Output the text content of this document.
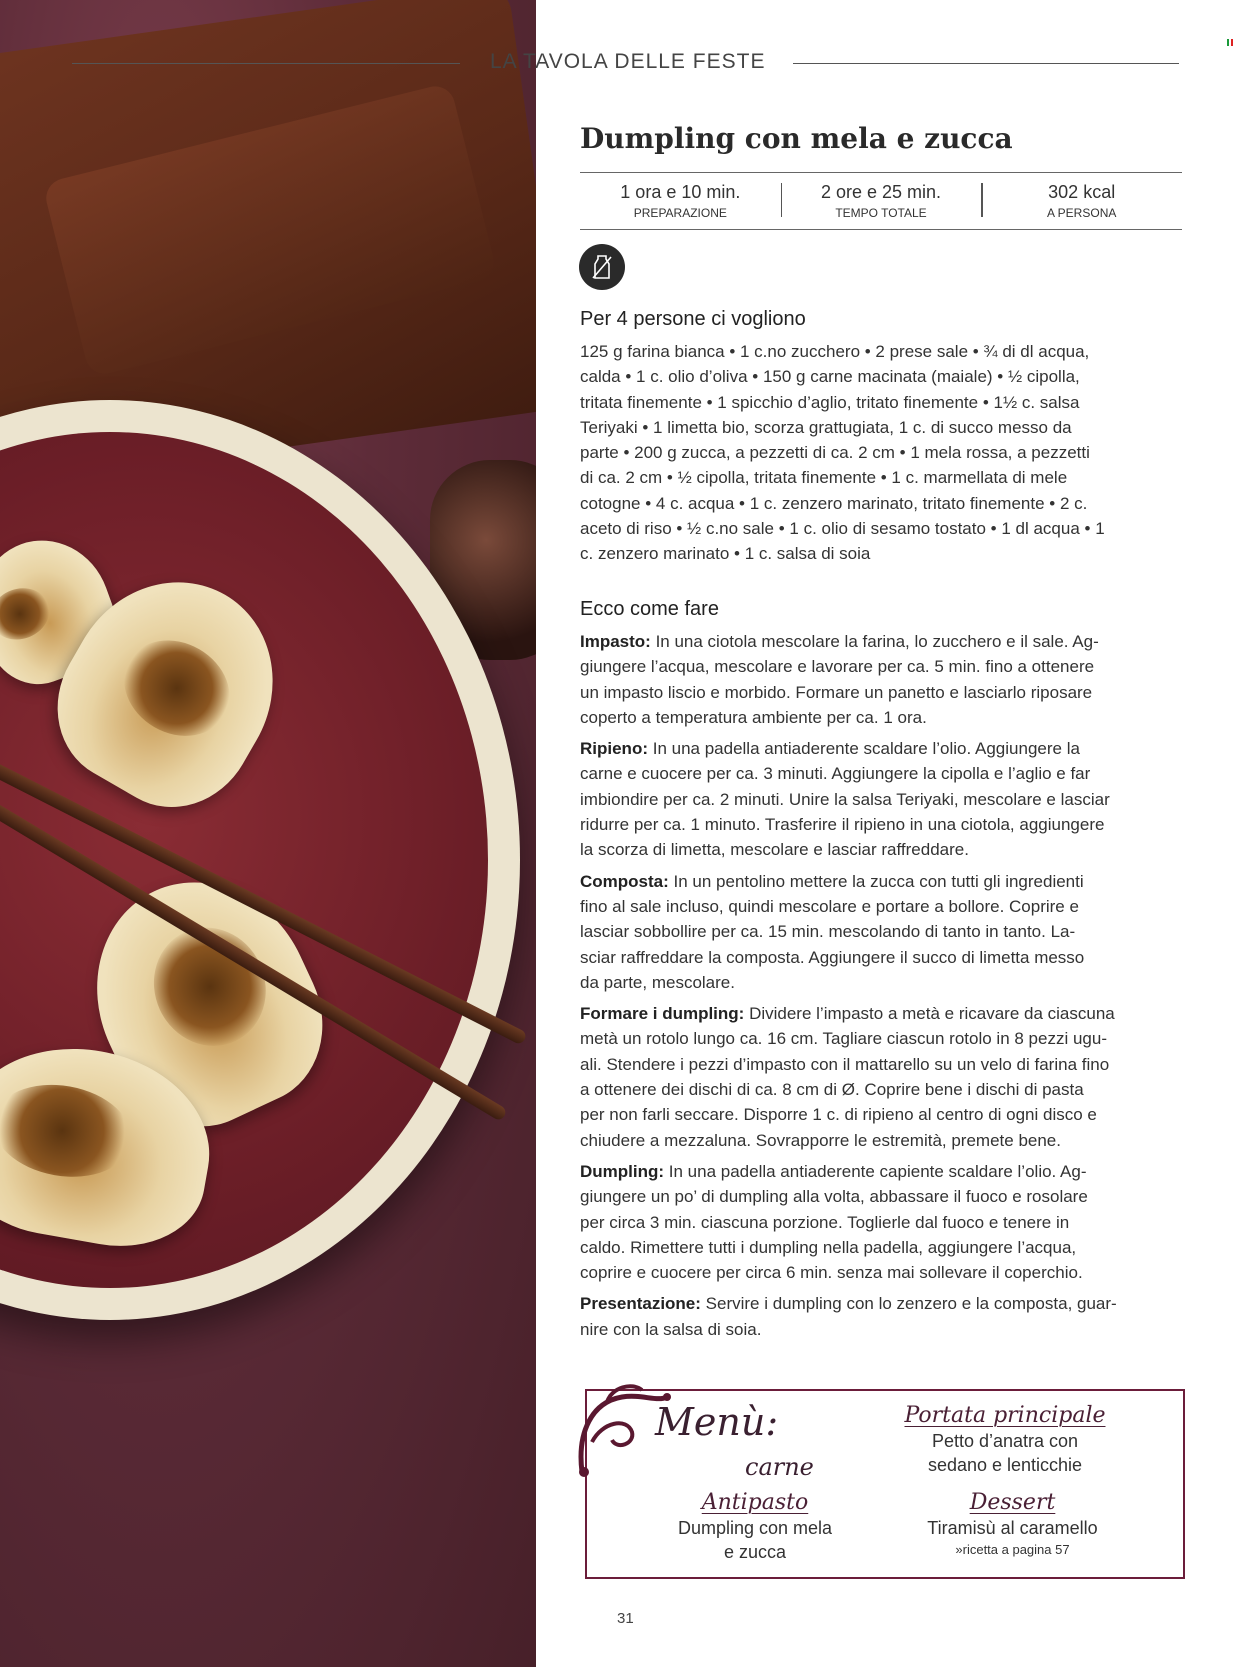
LA TAVOLA DELLE FESTE
Dumpling con mela e zucca
1 ora e 10 min.
PREPARAZIONE
2 ore e 25 min.
TEMPO TOTALE
302 kcal
A PERSONA
Per 4 persone ci vogliono
125 g farina bianca • 1 c.no zucchero • 2 prese sale • ¾ di dl acqua,
calda • 1 c. olio d’oliva • 150 g carne macinata (maiale) • ½ cipolla,
tritata finemente • 1 spicchio d’aglio, tritato finemente • 1½ c. salsa
Teriyaki • 1 limetta bio, scorza grattugiata, 1 c. di succo messo da
parte • 200 g zucca, a pezzetti di ca. 2 cm • 1 mela rossa, a pezzetti
di ca. 2 cm • ½ cipolla, tritata finemente • 1 c. marmellata di mele
cotogne • 4 c. acqua • 1 c. zenzero marinato, tritato finemente • 2 c.
aceto di riso • ½ c.no sale • 1 c. olio di sesamo tostato • 1 dl acqua • 1
c. zenzero marinato • 1 c. salsa di soia
Ecco come fare
Impasto: In una ciotola mescolare la farina, lo zucchero e il sale. Ag-
giungere l’acqua, mescolare e lavorare per ca. 5 min. fino a ottenere
un impasto liscio e morbido. Formare un panetto e lasciarlo riposare
coperto a temperatura ambiente per ca. 1 ora.
Ripieno: In una padella antiaderente scaldare l’olio. Aggiungere la
carne e cuocere per ca. 3 minuti. Aggiungere la cipolla e l’aglio e far
imbiondire per ca. 2 minuti. Unire la salsa Teriyaki, mescolare e lasciar
ridurre per ca. 1 minuto. Trasferire il ripieno in una ciotola, aggiungere
la scorza di limetta, mescolare e lasciar raffreddare.
Composta: In un pentolino mettere la zucca con tutti gli ingredienti
fino al sale incluso, quindi mescolare e portare a bollore. Coprire e
lasciar sobbollire per ca. 15 min. mescolando di tanto in tanto. La-
sciar raffreddare la composta. Aggiungere il succo di limetta messo
da parte, mescolare.
Formare i dumpling: Dividere l’impasto a metà e ricavare da ciascuna
metà un rotolo lungo ca. 16 cm. Tagliare ciascun rotolo in 8 pezzi ugu-
ali. Stendere i pezzi d’impasto con il mattarello su un velo di farina fino
a ottenere dei dischi di ca. 8 cm di Ø. Coprire bene i dischi di pasta
per non farli seccare. Disporre 1 c. di ripieno al centro di ogni disco e
chiudere a mezzaluna. Sovrapporre le estremità, premete bene.
Dumpling: In una padella antiaderente capiente scaldare l’olio. Ag-
giungere un po’ di dumpling alla volta, abbassare il fuoco e rosolare
per circa 3 min. ciascuna porzione. Toglierle dal fuoco e tenere in
caldo. Rimettere tutti i dumpling nella padella, aggiungere l’acqua,
coprire e cuocere per circa 6 min. senza mai sollevare il coperchio.
Presentazione: Servire i dumpling con lo zenzero e la composta, guar-
nire con la salsa di soia.
Menù:
carne
Portata principale
Petto d’anatra con
sedano e lenticchie
Antipasto
Dumpling con mela
e zucca
Dessert
Tiramisù al caramello
»ricetta a pagina 57
31
